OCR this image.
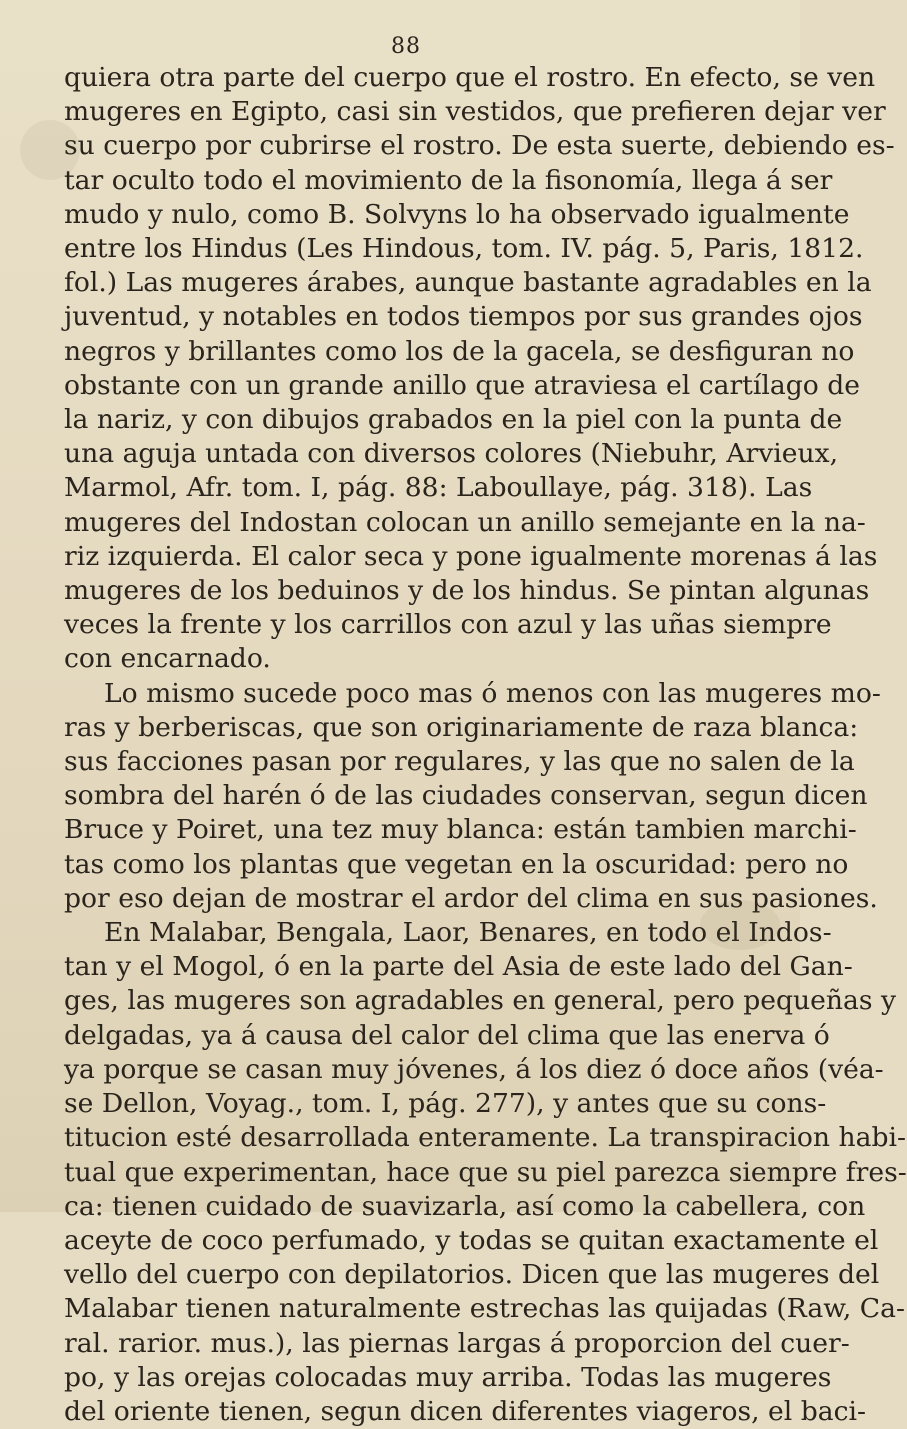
88
quiera otra parte del cuerpo que el rostro. En efecto, se ven
mugeres en Egipto, casi sin vestidos, que prefieren dejar ver
su cuerpo por cubrirse el rostro. De esta suerte, debiendo es-
tar oculto todo el movimiento de la fisonomía, llega á ser
mudo y nulo, como B. Solvyns lo ha observado igualmente
entre los Hindus (Les Hindous, tom. IV. pág. 5, Paris, 1812.
fol.) Las mugeres árabes, aunque bastante agradables en la
juventud, y notables en todos tiempos por sus grandes ojos
negros y brillantes como los de la gacela, se desfiguran no
obstante con un grande anillo que atraviesa el cartílago de
la nariz, y con dibujos grabados en la piel con la punta de
una aguja untada con diversos colores (Niebuhr, Arvieux,
Marmol, Afr. tom. I, pág. 88: Laboullaye, pág. 318). Las
mugeres del Indostan colocan un anillo semejante en la na-
riz izquierda. El calor seca y pone igualmente morenas á las
mugeres de los beduinos y de los hindus. Se pintan algunas
veces la frente y los carrillos con azul y las uñas siempre
con encarnado.
Lo mismo sucede poco mas ó menos con las mugeres mo-
ras y berberiscas, que son originariamente de raza blanca:
sus facciones pasan por regulares, y las que no salen de la
sombra del harén ó de las ciudades conservan, segun dicen
Bruce y Poiret, una tez muy blanca: están tambien marchi-
tas como los plantas que vegetan en la oscuridad: pero no
por eso dejan de mostrar el ardor del clima en sus pasiones.
En Malabar, Bengala, Laor, Benares, en todo el Indos-
tan y el Mogol, ó en la parte del Asia de este lado del Gan-
ges, las mugeres son agradables en general, pero pequeñas y
delgadas, ya á causa del calor del clima que las enerva ó
ya porque se casan muy jóvenes, á los diez ó doce años (véa-
se Dellon, Voyag., tom. I, pág. 277), y antes que su cons-
titucion esté desarrollada enteramente. La transpiracion habi-
tual que experimentan, hace que su piel parezca siempre fres-
ca: tienen cuidado de suavizarla, así como la cabellera, con
aceyte de coco perfumado, y todas se quitan exactamente el
vello del cuerpo con depilatorios. Dicen que las mugeres del
Malabar tienen naturalmente estrechas las quijadas (Raw, Ca-
ral. rarior. mus.), las piernas largas á proporcion del cuer-
po, y las orejas colocadas muy arriba. Todas las mugeres
del oriente tienen, segun dicen diferentes viageros, el baci-
